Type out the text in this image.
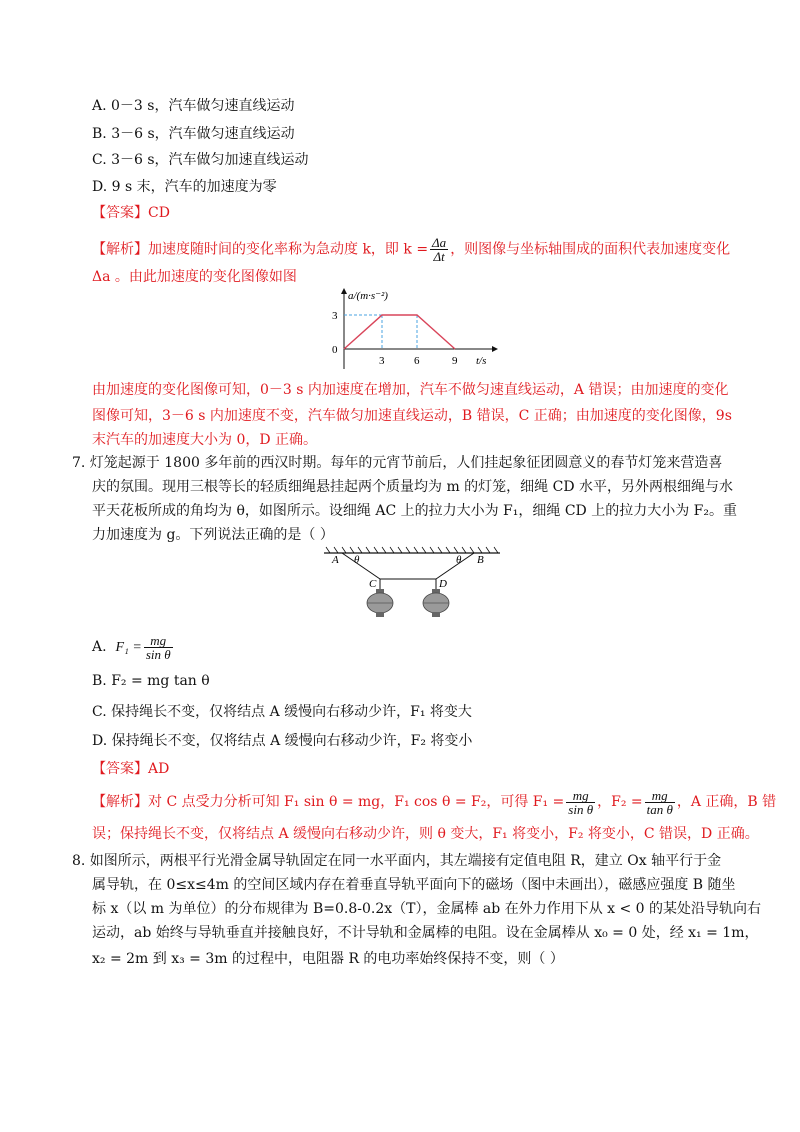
A. 0－3 s，汽车做匀速直线运动
B. 3－6 s，汽车做匀速直线运动
C. 3－6 s，汽车做匀加速直线运动
D. 9 s 末，汽车的加速度为零
【答案】CD
【解析】加速度随时间的变化率称为急动度 k，即 $k = \frac{\Delta a}{\Delta t}$ ，则图像与坐标轴围成的面积代表加速度变化
Δa 。由此加速度的变化图像如图
a/(m·s⁻²)
3
0
3	6	9 t/s
由加速度的变化图像可知，0－3 s 内加速度在增加，汽车不做匀速直线运动，A 错误；由加速度的变化
图像可知，3－6 s 内加速度不变，汽车做匀加速直线运动，B 错误，C 正确；由加速度的变化图像，9s
末汽车的加速度大小为 0，D 正确。
7. 灯笼起源于 1800 多年前的西汉时期。每年的元宵节前后，人们挂起象征团圆意义的春节灯笼来营造喜
庆的氛围。现用三根等长的轻质细绳悬挂起两个质量均为 m 的灯笼，细绳 CD 水平，另外两根细绳与水
平天花板所成的角均为 θ，如图所示。设细绳 AC 上的拉力大小为 F₁，细绳 CD 上的拉力大小为 F₂。重
力加速度为 g。下列说法正确的是（ ）
A θ	θ B
C	D
A. $F_1 = \frac{mg}{\text{sin θ}}$
B. F₂ = mg tan θ
C. 保持绳长不变，仅将结点 A 缓慢向右移动少许，F₁ 将变大
D. 保持绳长不变，仅将结点 A 缓慢向右移动少许，F₂ 将变小
【答案】AD
【解析】对 C 点受力分析可知 F₁ sin θ = mg，F₁ cos θ = F₂，可得 $F_1 = \frac{mg}{\text{sin θ}}$ ，$F_2 = \frac{mg}{\text{tan θ}}$ ，A 正确，B 错
误；保持绳长不变，仅将结点 A 缓慢向右移动少许，则 θ 变大，F₁ 将变小，F₂ 将变小，C 错误，D 正确。
8. 如图所示，两根平行光滑金属导轨固定在同一水平面内，其左端接有定值电阻 R，建立 Ox 轴平行于金
属导轨，在 0≤x≤4m 的空间区域内存在着垂直导轨平面向下的磁场（图中未画出），磁感应强度 B 随坐
标 x（以 m 为单位）的分布规律为 B=0.8-0.2x（T），金属棒 ab 在外力作用下从 x < 0 的某处沿导轨向右
运动，ab 始终与导轨垂直并接触良好，不计导轨和金属棒的电阻。设在金属棒从 x₀ = 0 处，经 x₁ = 1m，
x₂ = 2m 到 x₃ = 3m 的过程中，电阻器 R 的电功率始终保持不变，则（ ）
